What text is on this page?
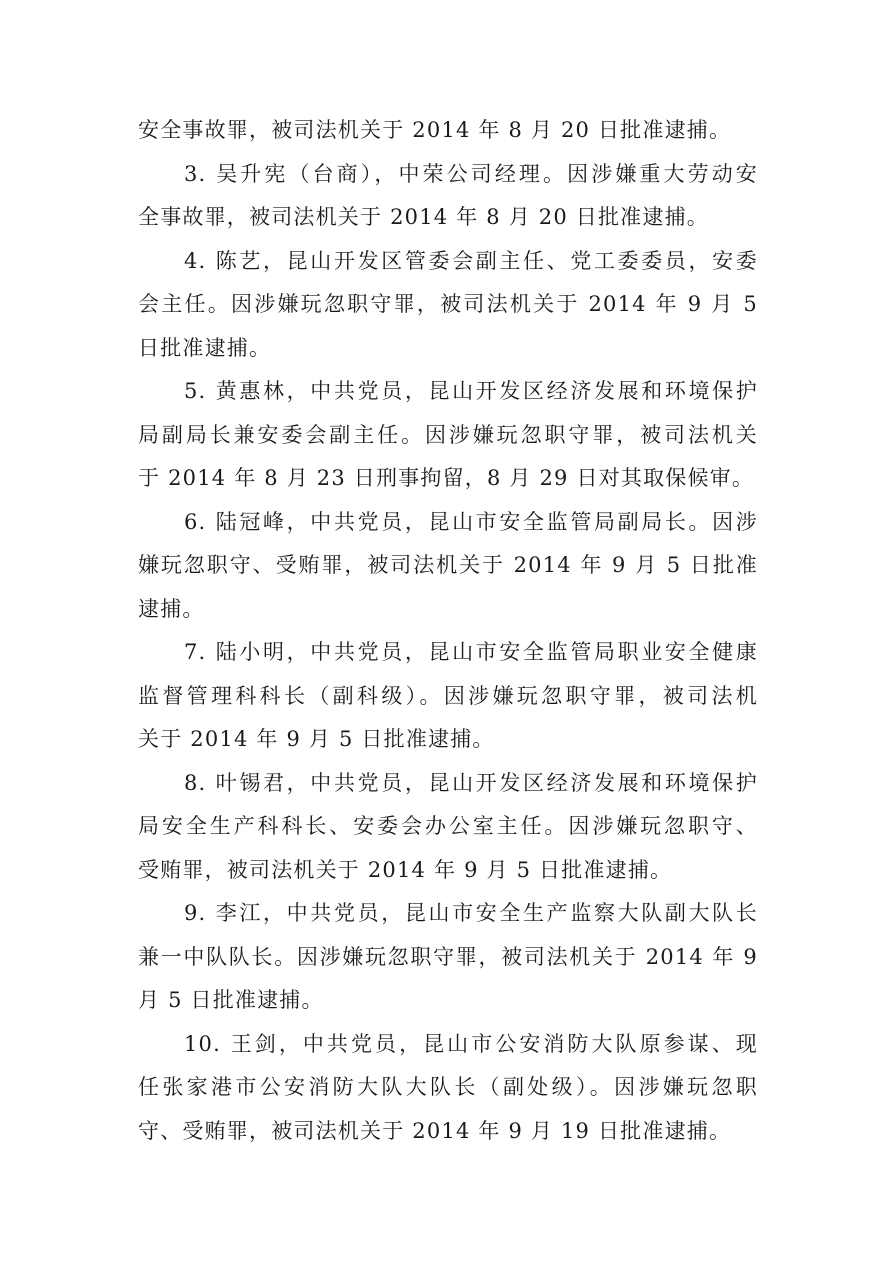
安全事故罪，被司法机关于 2014 年 8 月 20 日批准逮捕。
3. 吴升宪（台商），中荣公司经理。因涉嫌重大劳动安
全事故罪，被司法机关于 2014 年 8 月 20 日批准逮捕。
4. 陈艺，昆山开发区管委会副主任、党工委委员，安委
会主任。因涉嫌玩忽职守罪，被司法机关于 2014 年 9 月 5
日批准逮捕。
5. 黄惠林，中共党员，昆山开发区经济发展和环境保护
局副局长兼安委会副主任。因涉嫌玩忽职守罪，被司法机关
于 2014 年 8 月 23 日刑事拘留，8 月 29 日对其取保候审。
6. 陆冠峰，中共党员，昆山市安全监管局副局长。因涉
嫌玩忽职守、受贿罪，被司法机关于 2014 年 9 月 5 日批准
逮捕。
7. 陆小明，中共党员，昆山市安全监管局职业安全健康
监督管理科科长（副科级）。因涉嫌玩忽职守罪，被司法机
关于 2014 年 9 月 5 日批准逮捕。
8. 叶锡君，中共党员，昆山开发区经济发展和环境保护
局安全生产科科长、安委会办公室主任。因涉嫌玩忽职守、
受贿罪，被司法机关于 2014 年 9 月 5 日批准逮捕。
9. 李江，中共党员，昆山市安全生产监察大队副大队长
兼一中队队长。因涉嫌玩忽职守罪，被司法机关于 2014 年 9
月 5 日批准逮捕。
10. 王剑，中共党员，昆山市公安消防大队原参谋、现
任张家港市公安消防大队大队长（副处级）。因涉嫌玩忽职
守、受贿罪，被司法机关于 2014 年 9 月 19 日批准逮捕。
